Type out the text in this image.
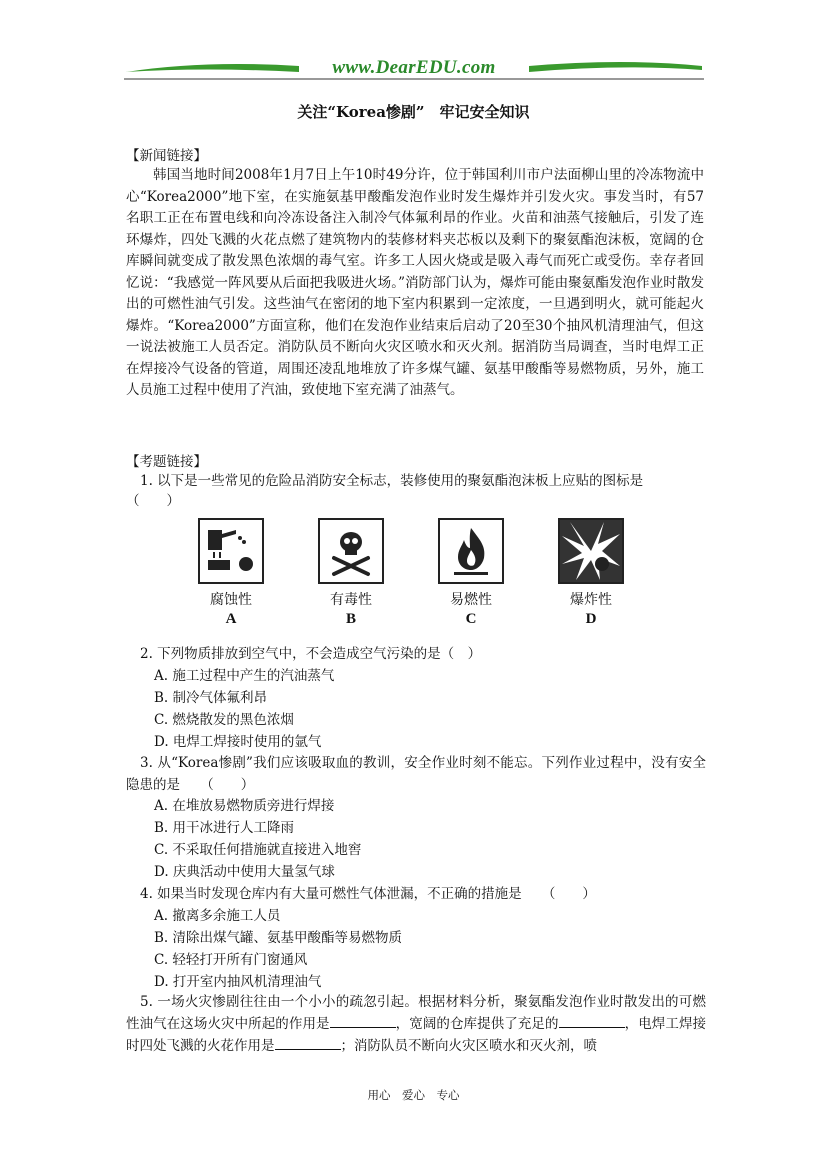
www.DearEDU.com
关注“Korea惨剧”　牢记安全知识
【新闻链接】
韩国当地时间2008年1月7日上午10时49分许，位于韩国利川市户法面柳山里的冷冻物流中心“Korea2000”地下室，在实施氨基甲酸酯发泡作业时发生爆炸并引发火灾。事发当时，有57名职工正在布置电线和向冷冻设备注入制冷气体氟利昂的作业。火苗和油蒸气接触后，引发了连环爆炸，四处飞溅的火花点燃了建筑物内的装修材料夹芯板以及剩下的聚氨酯泡沫板，宽阔的仓库瞬间就变成了散发黑色浓烟的毒气室。许多工人因火烧或是吸入毒气而死亡或受伤。幸存者回忆说：“我感觉一阵风要从后面把我吸进火场。”消防部门认为，爆炸可能由聚氨酯发泡作业时散发出的可燃性油气引发。这些油气在密闭的地下室内积累到一定浓度，一旦遇到明火，就可能起火爆炸。“Korea2000”方面宣称，他们在发泡作业结束后启动了20至30个抽风机清理油气，但这一说法被施工人员否定。消防队员不断向火灾区喷水和灭火剂。据消防当局调查，当时电焊工正在焊接冷气设备的管道，周围还凌乱地堆放了许多煤气罐、氨基甲酸酯等易燃物质，另外，施工人员施工过程中使用了汽油，致使地下室充满了油蒸气。
【考题链接】
1. 以下是一些常见的危险品消防安全标志，装修使用的聚氨酯泡沫板上应贴的图标是
（　　）
腐蚀性
A
有毒性
B
易燃性
C
爆炸性
D
2. 下列物质排放到空气中，不会造成空气污染的是（　）
A. 施工过程中产生的汽油蒸气
B. 制冷气体氟利昂
C. 燃烧散发的黑色浓烟
D. 电焊工焊接时使用的氩气
3. 从“Korea惨剧”我们应该吸取血的教训，安全作业时刻不能忘。下列作业过程中，没有安全隐患的是　　（　　）
A. 在堆放易燃物质旁进行焊接
B. 用干冰进行人工降雨
C. 不采取任何措施就直接进入地窖
D. 庆典活动中使用大量氢气球
4. 如果当时发现仓库内有大量可燃性气体泄漏，不正确的措施是　　（　　）
A. 撤离多余施工人员
B. 清除出煤气罐、氨基甲酸酯等易燃物质
C. 轻轻打开所有门窗通风
D. 打开室内抽风机清理油气
5. 一场火灾惨剧往往由一个小小的疏忽引起。根据材料分析，聚氨酯发泡作业时散发出的可燃性油气在这场火灾中所起的作用是	，宽阔的仓库提供了充足的	，电焊工焊接时四处飞溅的火花作用是	；消防队员不断向火灾区喷水和灭火剂，喷
用心　爱心　专心
